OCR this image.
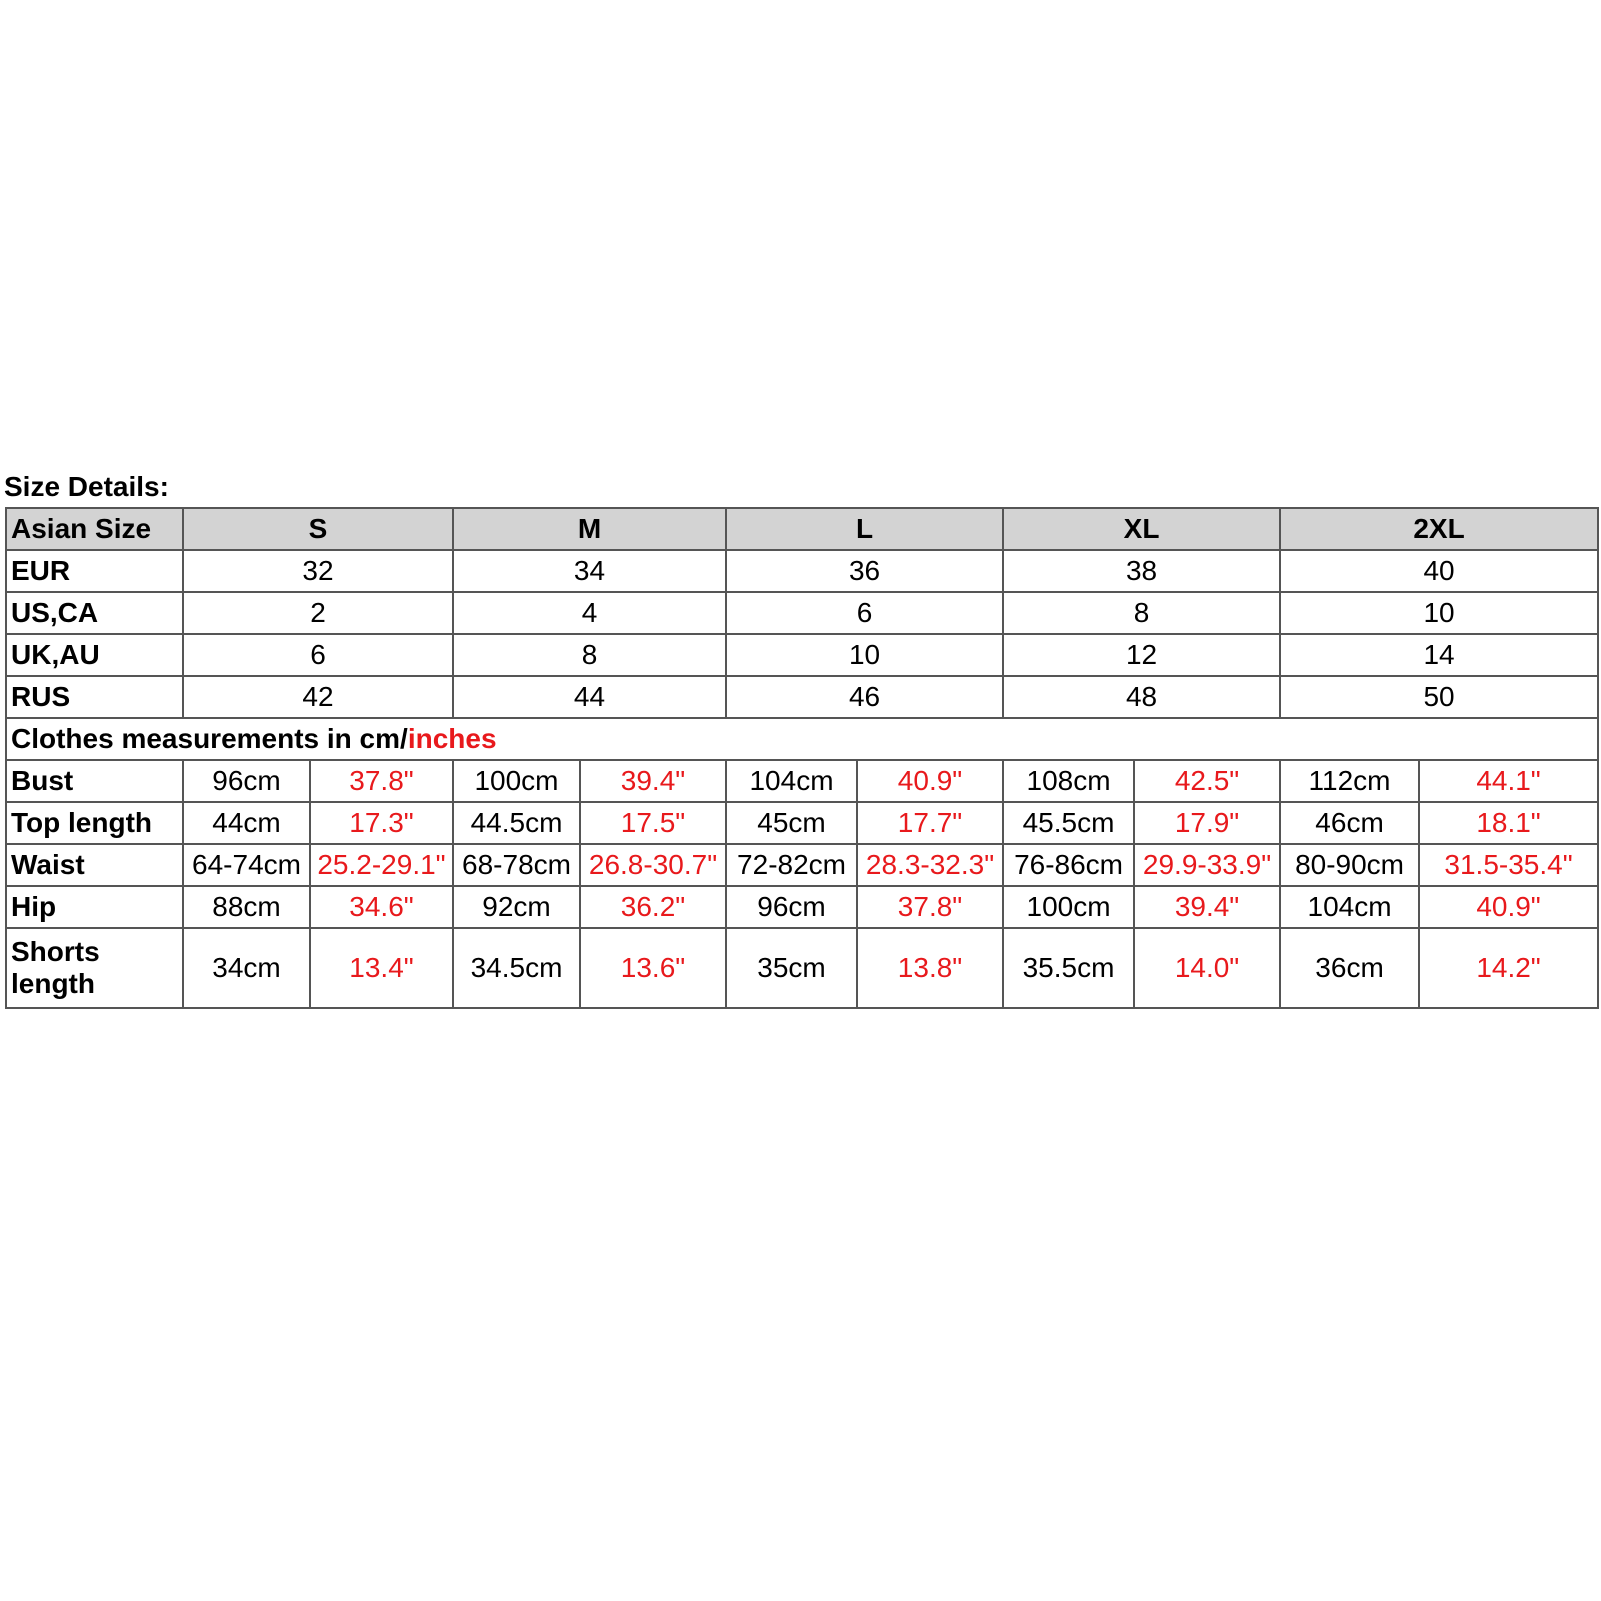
Size Details:
Asian Size	S		M		L		XL		2XL	
EUR	32		34		36		38		40	
US,CA	2		4		6		8		10	
UK,AU	6		8		10		12		14	
RUS	42		44		46		48		50	
Clothes measurements in cm/inches										
Bust	96cm	37.8"	100cm	39.4"	104cm	40.9"	108cm	42.5"	112cm	44.1"
Top length	44cm	17.3"	44.5cm	17.5"	45cm	17.7"	45.5cm	17.9"	46cm	18.1"
Waist	64-74cm	25.2-29.1"	68-78cm	26.8-30.7"	72-82cm	28.3-32.3"	76-86cm	29.9-33.9"	80-90cm	31.5-35.4"
Hip	88cm	34.6"	92cm	36.2"	96cm	37.8"	100cm	39.4"	104cm	40.9"
Shorts length	34cm	13.4"	34.5cm	13.6"	35cm	13.8"	35.5cm	14.0"	36cm	14.2"
